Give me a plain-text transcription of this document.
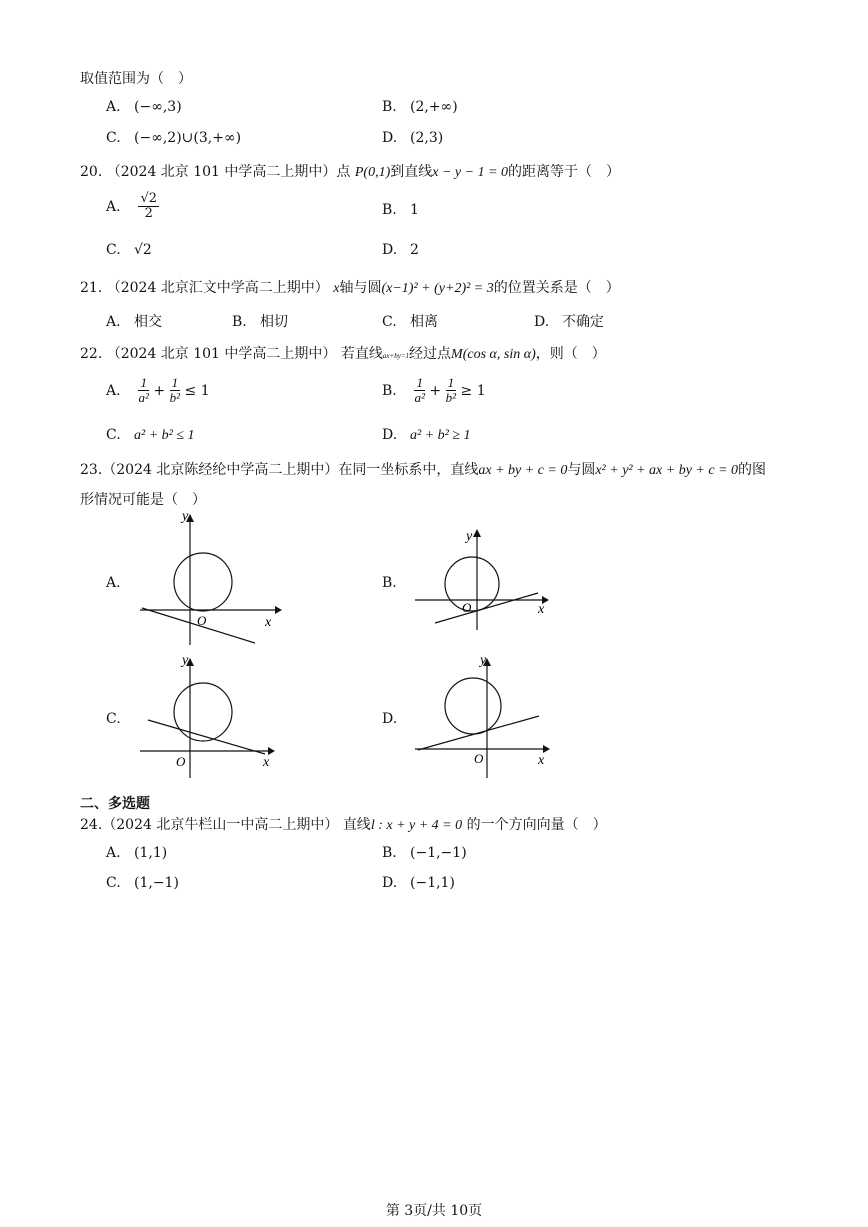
取值范围为（　）
A. (−∞,3)	B. (2,+∞)
C. (−∞,2)∪(3,+∞)	D. (2,3)
20. （2024 北京 101 中学高二上期中）点 P(0,1)到直线x − y − 1 = 0的距离等于（　）
A. $\frac{√2}{2}$	B. 1
C. √2	D. 2
21. （2024 北京汇文中学高二上期中） x轴与圆(x−1)² + (y+2)² = 3的位置关系是（　）
A. 相交	B. 相切	C. 相离	D. 不确定
22. （2024 北京 101 中学高二上期中） 若直线ax+by=1经过点M(cos α, sin α)，则（　）
A. $\frac{1}{\text{a²}} + \frac{1}{\text{b²}} \le 1$	B. $\frac{1}{\text{a²}} + \frac{1}{\text{b²}} \ge 1$
C. a² + b² ≤ 1	D. a² + b² ≥ 1
23.（2024 北京陈经纶中学高二上期中）在同一坐标系中，直线ax + by + c = 0与圆x² + y² + ax + by + c = 0的图
形情况可能是（　）
A.	B.
C.	D.
x
y
O
x
y
O
x
y
O	x
y
O
二、多选题
24.（2024 北京牛栏山一中高二上期中） 直线l : x + y + 4 = 0 的一个方向向量（　）
A. (1,1)	B. (−1,−1)
C. (1,−1)	D. (−1,1)
第 3页/共 10页
